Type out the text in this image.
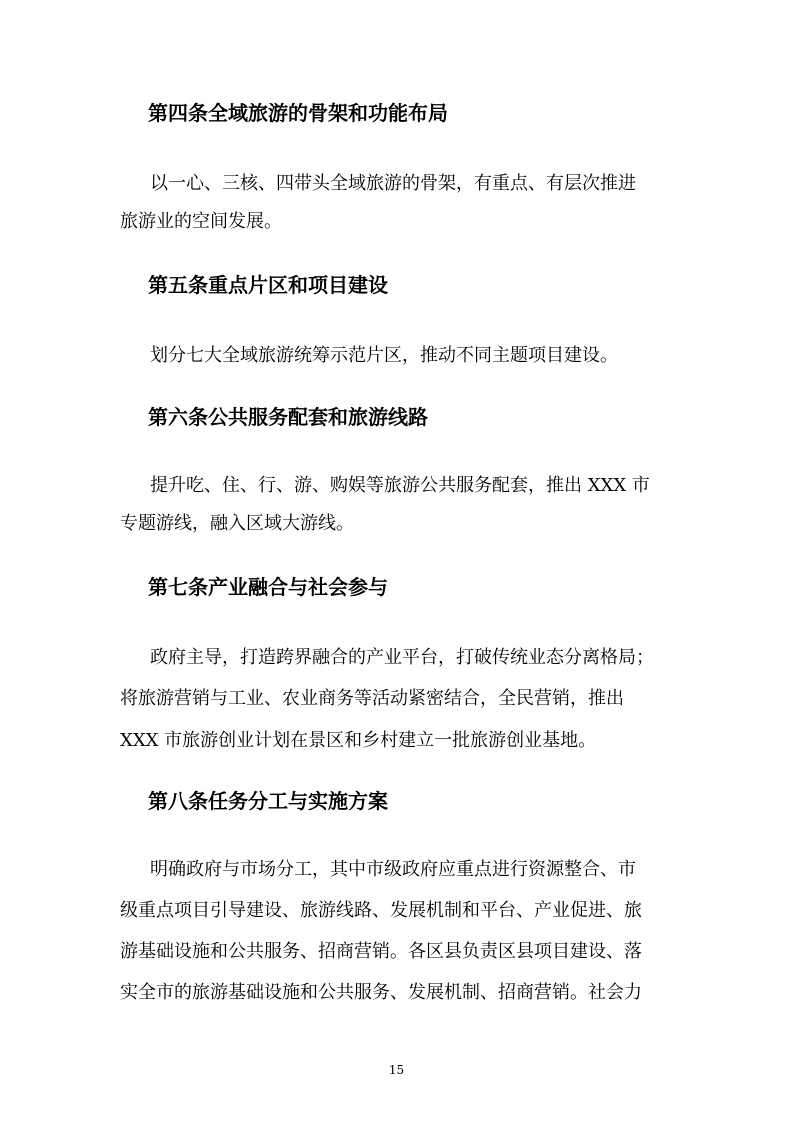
第四条全域旅游的骨架和功能布局

以一心、三核、四带头全域旅游的骨架，有重点、有层次推进

旅游业的空间发展。

第五条重点片区和项目建设

划分七大全域旅游统筹示范片区，推动不同主题项目建设。

第六条公共服务配套和旅游线路

提升吃、住、行、游、购娱等旅游公共服务配套，推出 XXX 市

专题游线，融入区域大游线。

第七条产业融合与社会参与

政府主导，打造跨界融合的产业平台，打破传统业态分离格局；

将旅游营销与工业、农业商务等活动紧密结合，全民营销，推出

XXX 市旅游创业计划在景区和乡村建立一批旅游创业基地。

第八条任务分工与实施方案

明确政府与市场分工，其中市级政府应重点进行资源整合、市

级重点项目引导建设、旅游线路、发展机制和平台、产业促进、旅

游基础设施和公共服务、招商营销。各区县负责区县项目建设、落

实全市的旅游基础设施和公共服务、发展机制、招商营销。社会力

15
